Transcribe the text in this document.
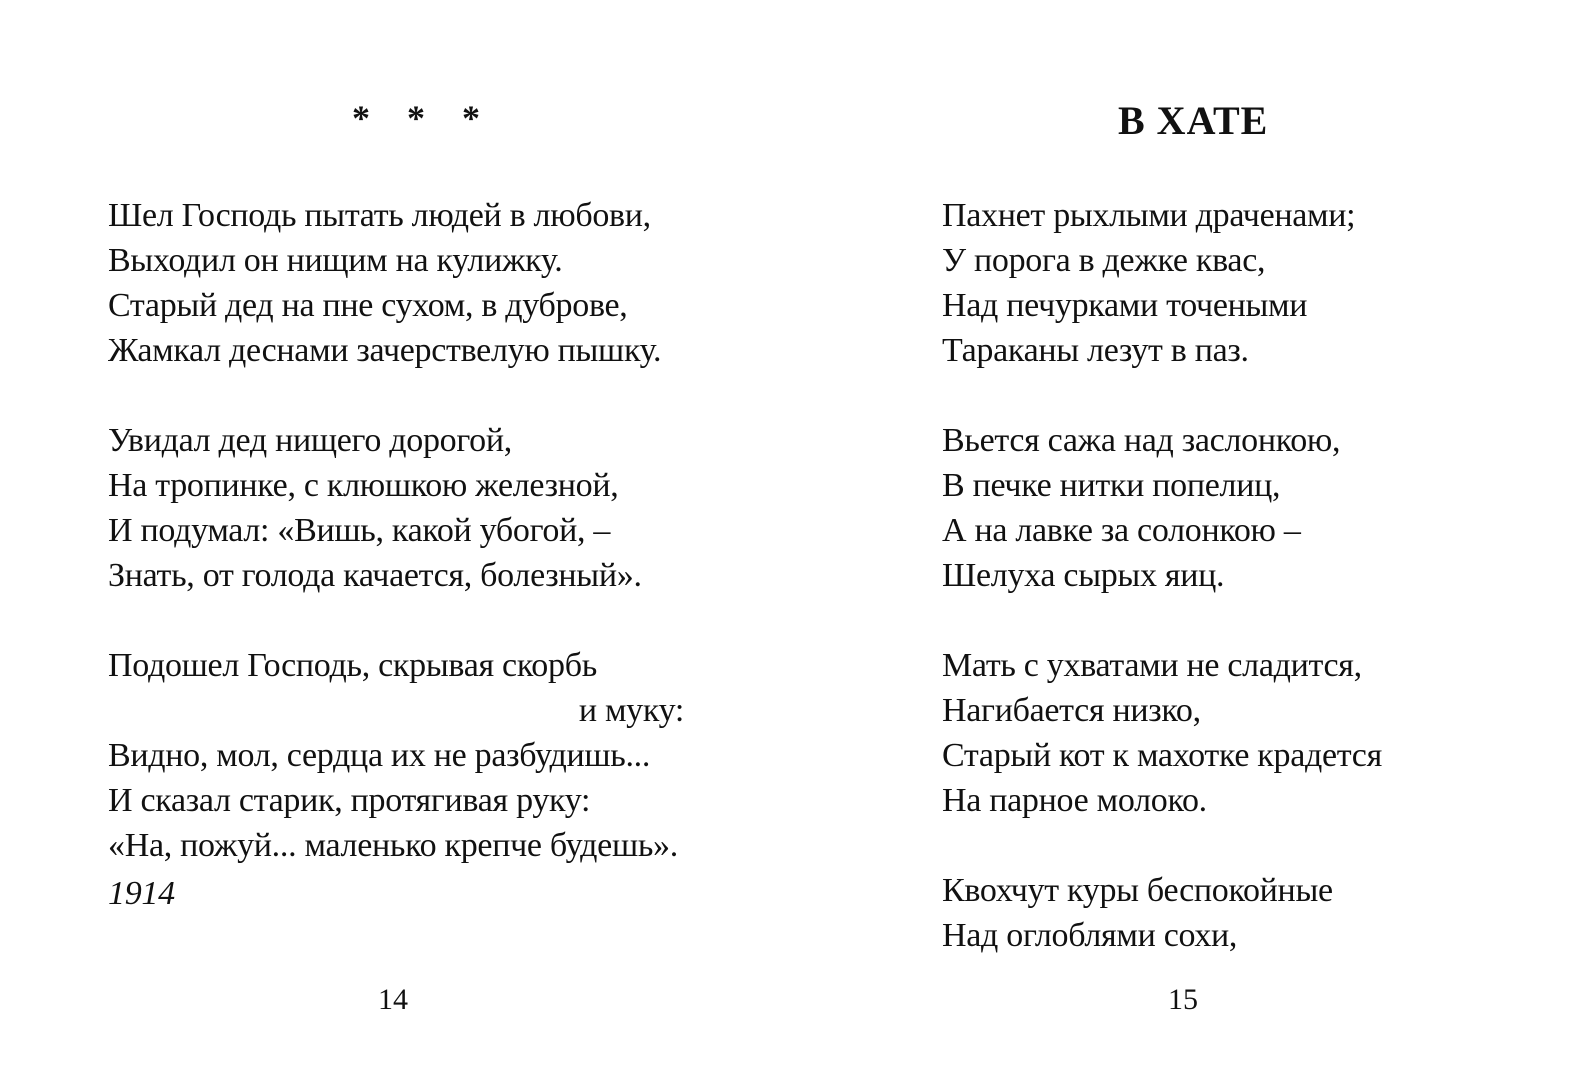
* * *
Шел Господь пытать людей в любови,
Выходил он нищим на кулижку.
Старый дед на пне сухом, в дуброве,
Жамкал деснами зачерствелую пышку.
Увидал дед нищего дорогой,
На тропинке, с клюшкою железной,
И подумал: «Вишь, какой убогой, –
Знать, от голода качается, болезный».
Подошел Господь, скрывая скорбь
и муку:
Видно, мол, сердца их не разбудишь...
И сказал старик, протягивая руку:
«На, пожуй... маленько крепче будешь».
1914
14
В ХАТЕ
Пахнет рыхлыми драченами;
У порога в дежке квас,
Над печурками точеными
Тараканы лезут в паз.
Вьется сажа над заслонкою,
В печке нитки попелиц,
А на лавке за солонкою –
Шелуха сырых яиц.
Мать с ухватами не сладится,
Нагибается низко,
Старый кот к махотке крадется
На парное молоко.
Квохчут куры беспокойные
Над оглоблями сохи,
15
